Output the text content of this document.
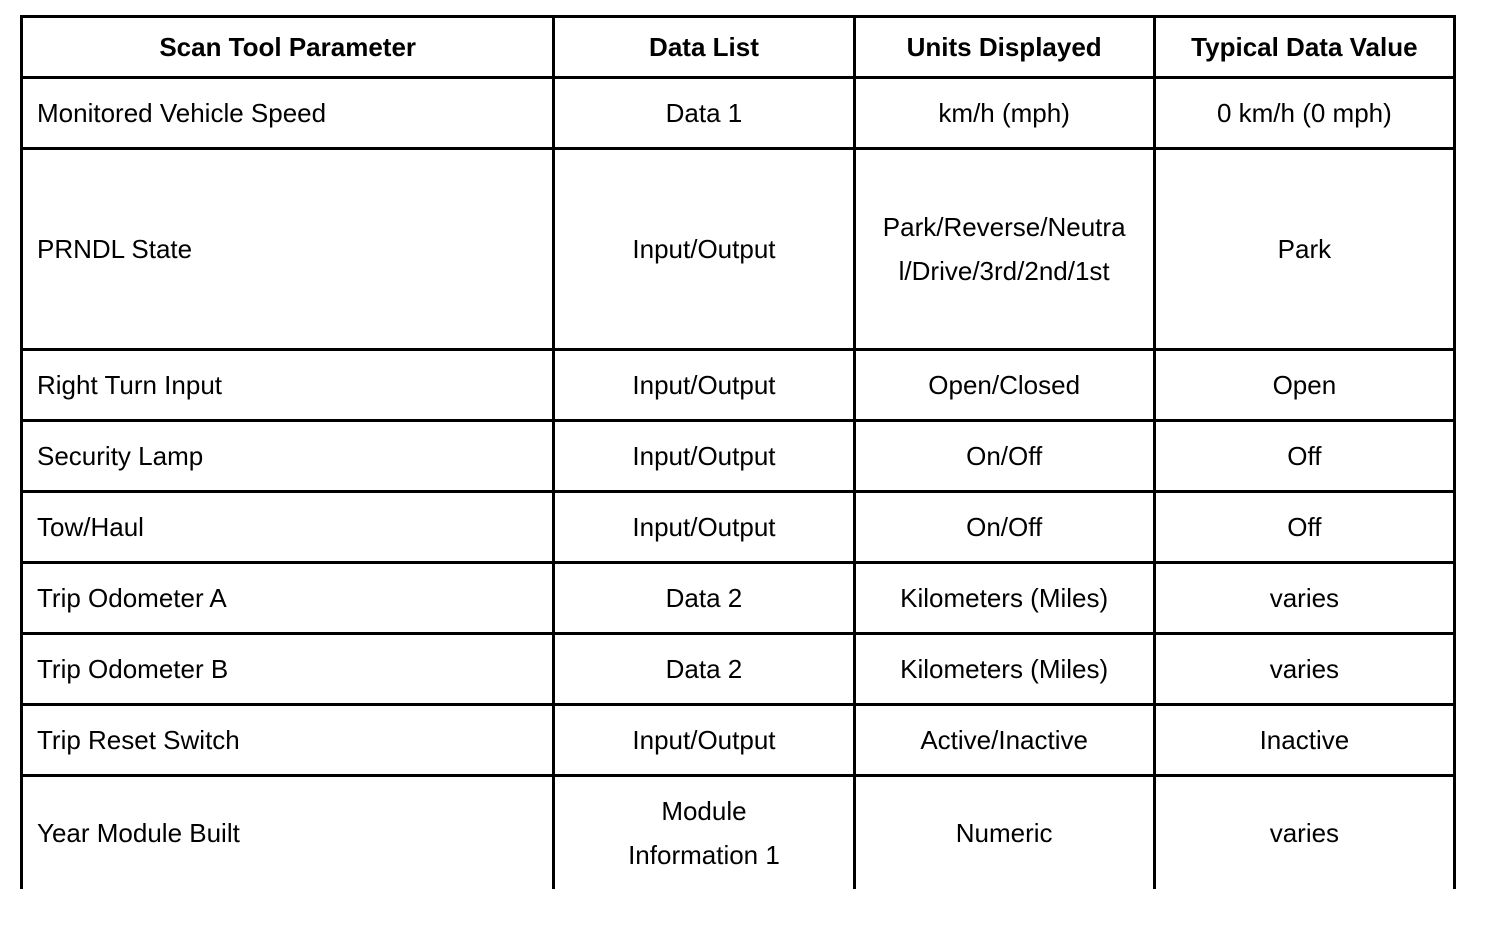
Scan Tool Parameter	Data List	Units Displayed	Typical Data Value
Monitored Vehicle Speed	Data 1	km/h (mph)	0 km/h (0 mph)
PRNDL State	Input/Output	Park/Reverse/Neutral/Drive/3rd/2nd/1st	Park
Right Turn Input	Input/Output	Open/Closed	Open
Security Lamp	Input/Output	On/Off	Off
Tow/Haul	Input/Output	On/Off	Off
Trip Odometer A	Data 2	Kilometers (Miles)	varies
Trip Odometer B	Data 2	Kilometers (Miles)	varies
Trip Reset Switch	Input/Output	Active/Inactive	Inactive
Year Module Built	Module Information 1	Numeric	varies
